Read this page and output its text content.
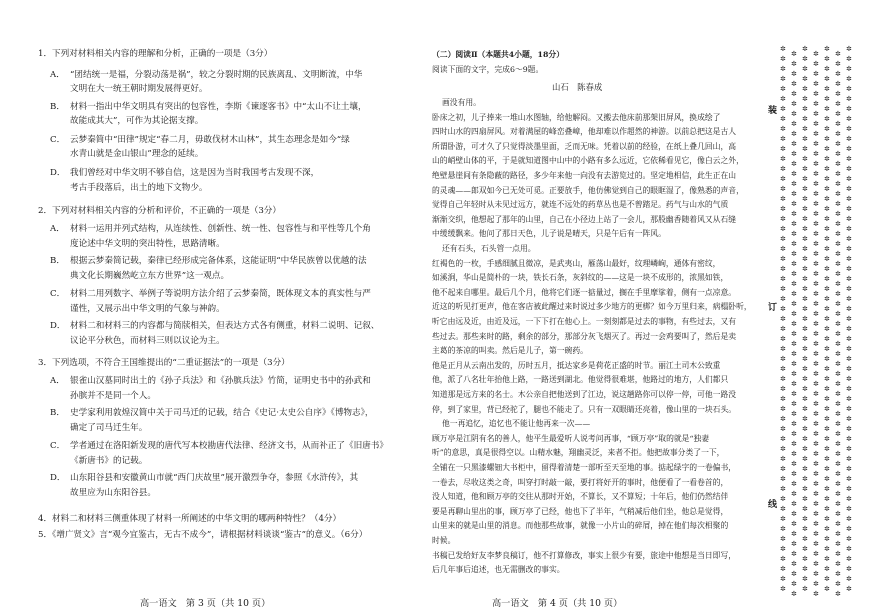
1．下列对材料相关内容的理解和分析，正确的一项是（3分）
A． “团结统一是福，分裂动荡是祸”，较之分裂时期的民族离乱、文明断流，中华
文明在大一统王朝时期发展得更好。
B． 材料一指出中华文明具有突出的包容性，李斯《谏逐客书》中“太山不让土壤，
故能成其大”，可作为其论据支撑。
C． 云梦秦简中“田律”规定“春二月，毋敢伐材木山林”，其生态理念是如今“绿
水青山就是金山银山”理念的延续。
D． 我们曾经对中华文明不够自信，这是因为当时我国考古发现不深，
考古手段落后，出土的地下文物少。
2．下列对材料相关内容的分析和评价，不正确的一项是（3分）
A． 材料一运用并列式结构，从连续性、创新性、统一性、包容性与和平性等几个角
度论述中华文明的突出特性，思路清晰。
B． 根据云梦秦简记载，秦律已经形成完备体系，这能证明“中华民族曾以优越的法
典文化长期巍然屹立东方世界”这一观点。
C． 材料二用列数字、举例子等说明方法介绍了云梦秦简，既体现文本的真实性与严
谨性，又展示出中华文明的气象与神韵。
D． 材料二和材料三的内容都与简牍相关，但表达方式各有侧重，材料二说明、记叙、
议论平分秋色，而材料三则以议论为主。
3．下列选项，不符合王国维提出的“二重证据法”的一项是（3分）
A． 银雀山汉墓同时出土的《孙子兵法》和《孙膑兵法》竹简，证明史书中的孙武和
孙膑并不是同一个人。
B． 史学家利用敦煌汉简中关于司马迁的记载，结合《史记·太史公自序》《博物志》，
确定了司马迁生年。
C． 学者通过在洛阳新发现的唐代写本校勘唐代法律、经济文书，从而补正了《旧唐书》
《新唐书》的记载。
D． 山东阳谷县和安徽黄山市就“西门庆故里”展开激烈争夺，参照《水浒传》，其
故里应为山东阳谷县。
4．材料二和材料三侧重体现了材料一所阐述的中华文明的哪两种特性？（4分）
5．《增广贤文》言“观今宜鉴古，无古不成今”，请根据材料谈谈“鉴古”的意义。（6分）
（二）阅读Ⅱ（本题共4小题，18分）
阅读下面的文字，完成6～9题。
山石　陈春成
画没有用。
卧床之初，儿子捧来一堆山水图轴，给他解闷。又搬去他床前那架旧屏风，换成绘了
四时山水的四扇屏风。对着满屋的峰峦叠嶂，他却难以作超然的神游。以前总把这是古人
所谓卧游，可才久了只觉得淡墨里面，乏而无味。凭着以前的经验，在纸上叠几回山，高
山的峭壁山体的平，于是就知道图中山中的小路有多么远近，它依稀看见它，像白云之外，
绝壁悬崖间有条隐蔽的路径，多少年来他一向没有去游览过的。坚定地相信，此生正在山
的灵魂——郎双如今已无处可觅。正要放手，他仿佛觉到自己的眼眶湿了，像熟悉的声音，
觉得自己年轻时从未见过远方，就连不远处的药草丛也是不曾踏足。药气与山水的气质
渐渐交织，他想起了那年的山里，自己在小径边上站了一会儿，那股幽香随着风又从石缝
中缓缓飘来。他问了那日天色，儿子说是晴天，只是午后有一阵风。
还有石头，石头管一点用。
红褐色的一枚，手感细腻且微凉，是武夷山，雁荡山最好，纹理嶙峋，通体有密纹，
如溪涧，华山是简朴的一块，铁长石条，灰斜纹的——这是一块不成形的，浓黑如铁，
他不起来自哪里。最后几个月，他将它们逐一掂量过，搁在手里摩挲着，侧有一点凉意。
近这的听见打更声，他在客店被此醒过来时说过多少地方的更梆？如今万里归来，病榻卧听，
听它由远及近，由近及远，一下下打在他心上。一刻刻都是过去的事物，有些过去，又有
些过去。那些来时的路，剩余的部分，那部分灰飞烟灭了。再过一会鸡要叫了，然后是卖
主葛的茶凉的叫卖。然后是儿子，第一碗药。
他是正月从云南出发的，历时五月，抵达家乡是荷花正盛的时节。丽江土司木公致重
他，派了八名壮年抬他上路，一路送到湖北。他觉得很难堪，他路过的地方，人们都只
知道那是远方来的名士。木公亲自把他送到了江边，说这趟路你可以停一停，可他一路没
停，到了家里，背已经驼了，腿也不能走了。只有一双眼睛还亮着，像山里的一块石头。
他一再追忆，追忆也不能让他再来一次——
顾万亭是江阴有名的善人，他平生最爱听人说考问再事，“顾万亭”取的就是“独妻
听”的意思，真是很得空以。山精水魅，翔幽灵泛，来者不拒。他把故事分类了一下，
全铺在一只黑漆螺钿大书柜中，留得着清楚一部听至天至地的事。掂起绿字的一卷偏书，
一卷去，尽收这类之奇，叫穿打时敲一敲，要打将好开的事时，他便看了一看卷首的，
没人知道，他和顾万亭的交往从那时开始，不算长，又不算短；十年后，他们仍然结伴
要是再聊山里出的事，顾万亭了已经，他也下了半年，气稍减后他们坐，他总是觉得，
山里来的就是山里的消息。而他那些故事，就像一小片山的碎屑，掉在他们每次相聚的
时候。
书稿已发给好友李梦良稿订，他不打算修改，事实上很少有要，旅途中他想是当日即写，
后几年事后追述，也无需删改的事实。
高一语文　第 3 页（共 10 页）	高一语文　第 4 页（共 10 页）
装
订
线
✲
✲
✲
✲
✲
✲
✲
✲
✲
✲
✲
✲
✲
✲
✲
✲
✲
✲
✲
✲
✲
✲
✲
✲
✲
✲
✲
✲
✲
✲
✲
✲
✲
✲
✲
✲
✲
✲
✲
✲
✲
✲
✲
✲
✲
✲
✲
✲
✲
✲
✲
✲
✲
✲
✲

✲
✲
✲
✲
✲
✲
✲
✲
✲
✲
✲
✲
✲
✲
✲
✲
✲
✲
✲
✲
✲
✲
✲
✲
✲
✲
✲
✲
✲
✲
✲
✲
✲
✲
✲
✲
✲
✲
✲
✲
✲
✲
✲
✲
✲
✲
✲
✲
✲
✲
✲
✲
✲
✲
✲

✲
✲
✲
✲
✲
✲
✲
✲
✲
✲
✲
✲
✲
✲
✲
✲
✲
✲
✲
✲
✲
✲
✲
✲
✲
✲
✲
✲
✲
✲
✲
✲
✲
✲
✲
✲
✲
✲
✲
✲
✲
✲
✲
✲
✲
✲
✲
✲
✲
✲
✲
✲
✲
✲
✲

✲
✲
✲
✲
✲
✲
✲
✲
✲
✲
✲
✲
✲
✲
✲
✲
✲
✲
✲
✲
✲
✲
✲
✲
✲
✲
✲
✲
✲
✲
✲
✲
✲
✲
✲
✲
✲
✲
✲
✲
✲
✲
✲
✲
✲
✲
✲
✲
✲
✲
✲
✲
✲
✲
✲

✲
✲
✲
✲
✲
✲
✲
✲
✲
✲
✲
✲
✲
✲
✲
✲
✲
✲
✲
✲
✲
✲
✲
✲
✲
✲
✲
✲
✲
✲
✲
✲
✲
✲
✲
✲
✲
✲
✲
✲
✲
✲
✲
✲
✲
✲
✲
✲
✲
✲
✲
✲
✲
✲
✲

✲
✲
✲
✲
✲
✲
✲
✲
✲
✲
✲
✲
✲
✲
✲
✲
✲
✲
✲
✲
✲
✲
✲
✲
✲
✲
✲
✲
✲
✲
✲
✲
✲
✲
✲
✲
✲
✲
✲
✲
✲
✲
✲
✲
✲
✲
✲
✲
✲
✲
✲
✲
✲
✲
✲

✲
✲
✲
✲
✲
✲
✲
✲
✲
✲
✲
✲
✲
✲
✲
✲
✲
✲
✲
✲
✲
✲
✲
✲
✲
✲
✲
✲
✲
✲
✲
✲
✲
✲
✲
✲
✲
✲
✲
✲
✲
✲
✲
✲
✲
✲
✲
✲
✲
✲
✲
✲
✲
✲
✲
